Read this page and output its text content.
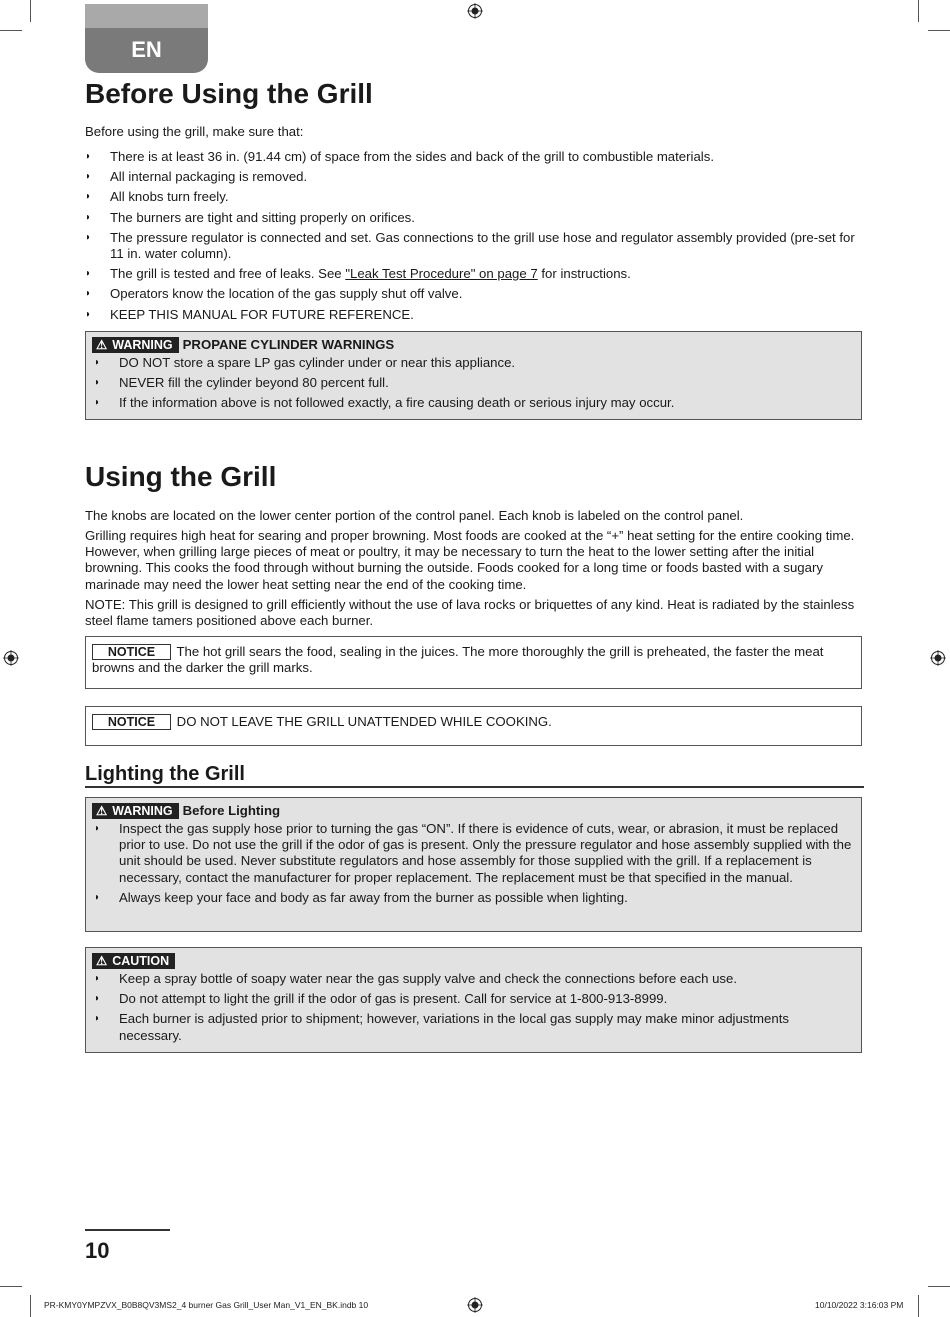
EN
Before Using the Grill

Before using the grill, make sure that:

◗ There is at least 36 in. (91.44 cm) of space from the sides and back of the grill to combustible materials.
◗ All internal packaging is removed.
◗ All knobs turn freely.
◗ The burners are tight and sitting properly on orifices.
◗ The pressure regulator is connected and set. Gas connections to the grill use hose and regulator assembly provided (pre-set for 11 in. water column).
◗ The grill is tested and free of leaks. See "Leak Test Procedure" on page 7 for instructions.
◗ Operators know the location of the gas supply shut off valve.
◗ KEEP THIS MANUAL FOR FUTURE REFERENCE.
⚠ WARNING PROPANE CYLINDER WARNINGS
◗ DO NOT store a spare LP gas cylinder under or near this appliance.
◗ NEVER fill the cylinder beyond 80 percent full.
◗ If the information above is not followed exactly, a fire causing death or serious injury may occur.
Using the Grill

The knobs are located on the lower center portion of the control panel. Each knob is labeled on the control panel.

Grilling requires high heat for searing and proper browning. Most foods are cooked at the “+” heat setting for the entire cooking time. However, when grilling large pieces of meat or poultry, it may be necessary to turn the heat to the lower setting after the initial browning. This cooks the food through without burning the outside. Foods cooked for a long time or foods basted with a sugary marinade may need the lower heat setting near the end of the cooking time.

NOTE: This grill is designed to grill efficiently without the use of lava rocks or briquettes of any kind. Heat is radiated by the stainless steel flame tamers positioned above each burner.

NOTICE The hot grill sears the food, sealing in the juices. The more thoroughly the grill is preheated, the faster the meat browns and the darker the grill marks.
NOTICE DO NOT LEAVE THE GRILL UNATTENDED WHILE COOKING.
Lighting the Grill
⚠ WARNING Before Lighting
◗ Inspect the gas supply hose prior to turning the gas “ON”. If there is evidence of cuts, wear, or abrasion, it must be replaced prior to use. Do not use the grill if the odor of gas is present. Only the pressure regulator and hose assembly supplied with the unit should be used. Never substitute regulators and hose assembly for those supplied with the grill. If a replacement is necessary, contact the manufacturer for proper replacement. The replacement must be that specified in the manual.
◗ Always keep your face and body as far away from the burner as possible when lighting.
⚠ CAUTION
◗ Keep a spray bottle of soapy water near the gas supply valve and check the connections before each use.
◗ Do not attempt to light the grill if the odor of gas is present. Call for service at 1-800-913-8999.
◗ Each burner is adjusted prior to shipment; however, variations in the local gas supply may make minor adjustments necessary.
10
PR-KMY0YMPZVX_B0B8QV3MS2_4 burner Gas Grill_User Man_V1_EN_BK.indb 10	10/10/2022 3:16:03 PM
